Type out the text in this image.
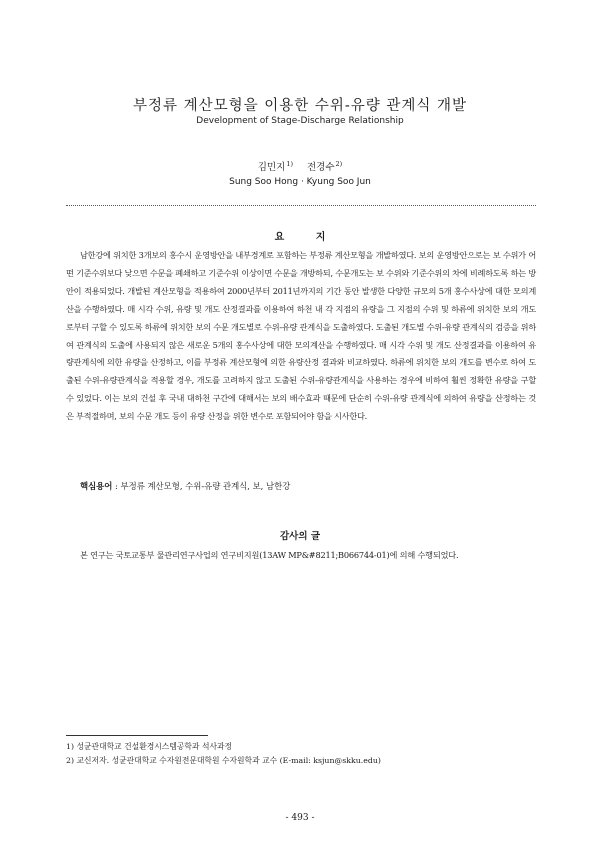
부정류 계산모형을 이용한 수위-유량 관계식 개발
Development of Stage-Discharge Relationship
김민지$^{1)}$ 전경수$^{2)}$
Sung Soo Hong · Kyung Soo Jun
요 지

남한강에 위치한 3개보의 홍수시 운영방안을 내부경계로 포함하는 부정류 계산모형을 개발하였다. 보의 운영방안으로는 보 수위가 어떤 기준수위보다 낮으면 수문을 폐쇄하고 기준수위 이상이면 수문을 개방하되, 수문개도는 보 수위와 기준수위의 차에 비례하도록 하는 방안이 적용되었다. 개발된 계산모형을 적용하여 2000년부터 2011년까지의 기간 동안 발생한 다양한 규모의 5개 홍수사상에 대한 모의계산을 수행하였다. 매 시각 수위, 유량 및 개도 산정결과를 이용하여 하천 내 각 지점의 유량을 그 지점의 수위 및 하류에 위치한 보의 개도로부터 구할 수 있도록 하류에 위치한 보의 수문 개도별로 수위-유량 관계식을 도출하였다. 도출된 개도별 수위-유량 관계식의 검증을 위하여 관계식의 도출에 사용되지 않은 새로운 5개의 홍수사상에 대한 모의계산을 수행하였다. 매 시각 수위 및 개도 산정결과를 이용하여 유량관계식에 의한 유량을 산정하고, 이를 부정류 계산모형에 의한 유량산정 결과와 비교하였다. 하류에 위치한 보의 개도를 변수로 하여 도출된 수위-유량관계식을 적용할 경우, 개도를 고려하지 않고 도출된 수위-유량관계식을 사용하는 경우에 비하여 훨씬 정확한 유량을 구할 수 있었다. 이는 보의 건설 후 국내 대하천 구간에 대해서는 보의 배수효과 때문에 단순히 수위-유량 관계식에 의하여 유량을 산정하는 것은 부적절하며, 보의 수문 개도 등이 유량 산정을 위한 변수로 포함되어야 함을 시사한다.

핵심용어 : 부정류 계산모형, 수위-유량 관계식, 보, 남한강
감사의 글
본 연구는 국토교통부 물관리연구사업의 연구비지원(13AW MP&#8211;B066744-01)에 의해 수행되었다.
1) 성균관대학교 건설환경시스템공학과 석사과정
2) 교신저자. 성균관대학교 수자원전문대학원 수자원학과 교수 (E-mail: ksjun@skku.edu)
- 493 -
